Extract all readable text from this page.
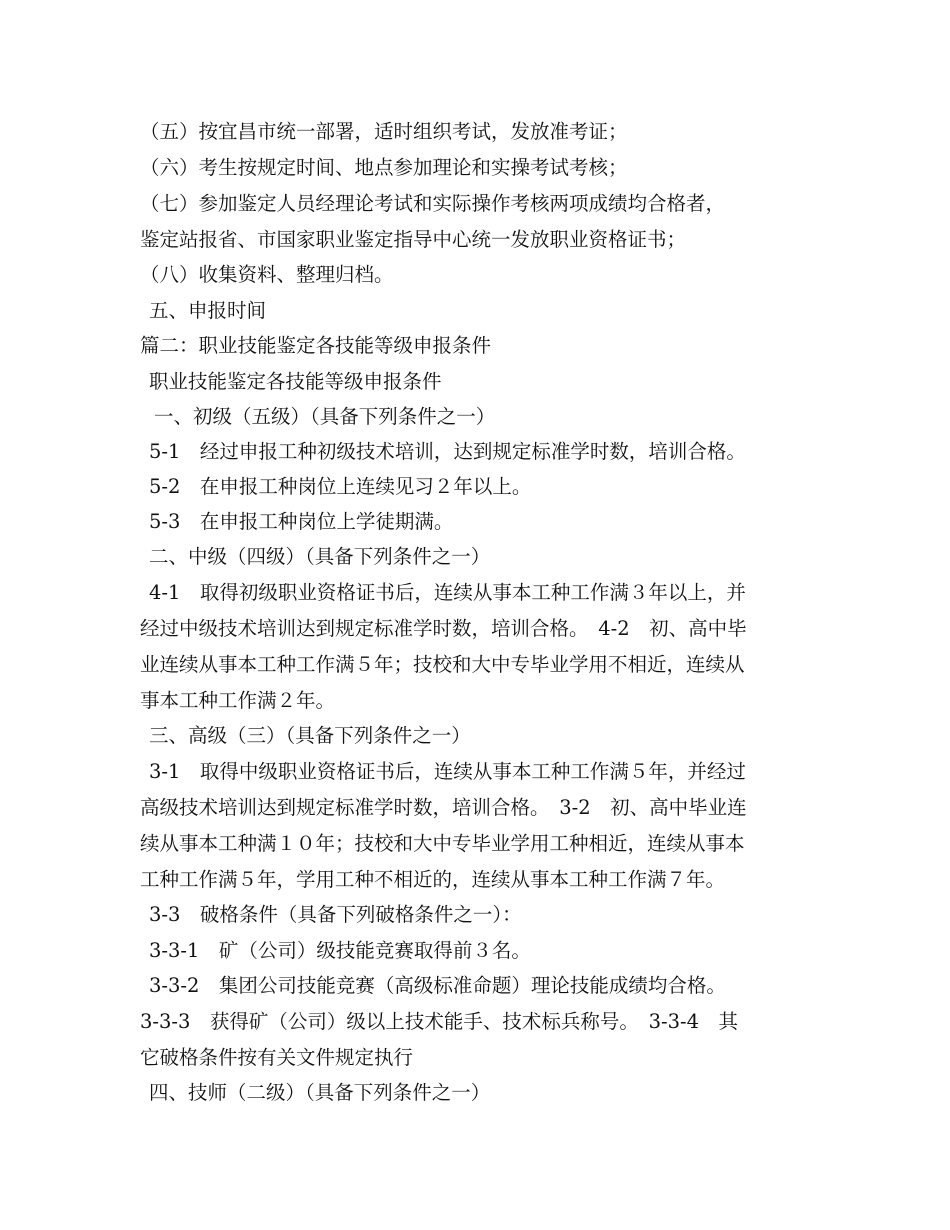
（五）按宜昌市统一部署，适时组织考试，发放准考证；
（六）考生按规定时间、地点参加理论和实操考试考核；
（七）参加鉴定人员经理论考试和实际操作考核两项成绩均合格者，
鉴定站报省、市国家职业鉴定指导中心统一发放职业资格证书；
（八）收集资料、整理归档。
五、申报时间
篇二：职业技能鉴定各技能等级申报条件
职业技能鉴定各技能等级申报条件
一、初级（五级）（具备下列条件之一）
5-1　经过申报工种初级技术培训，达到规定标准学时数，培训合格。
5-2　在申报工种岗位上连续见习２年以上。
5-3　在申报工种岗位上学徒期满。
二、中级（四级）（具备下列条件之一）
4-1　取得初级职业资格证书后，连续从事本工种工作满３年以上，并
经过中级技术培训达到规定标准学时数，培训合格。　4-2　初、高中毕
业连续从事本工种工作满５年；技校和大中专毕业学用不相近，连续从
事本工种工作满２年。
三、高级（三）（具备下列条件之一）
3-1　取得中级职业资格证书后，连续从事本工种工作满５年，并经过
高级技术培训达到规定标准学时数，培训合格。　3-2　初、高中毕业连
续从事本工种满１０年；技校和大中专毕业学用工种相近，连续从事本
工种工作满５年，学用工种不相近的，连续从事本工种工作满７年。
3-3　破格条件（具备下列破格条件之一）：
3-3-1　矿（公司）级技能竞赛取得前３名。
3-3-2　集团公司技能竞赛（高级标准命题）理论技能成绩均合格。
3-3-3　获得矿（公司）级以上技术能手、技术标兵称号。　3-3-4　其
它破格条件按有关文件规定执行
四、技师（二级）（具备下列条件之一）
